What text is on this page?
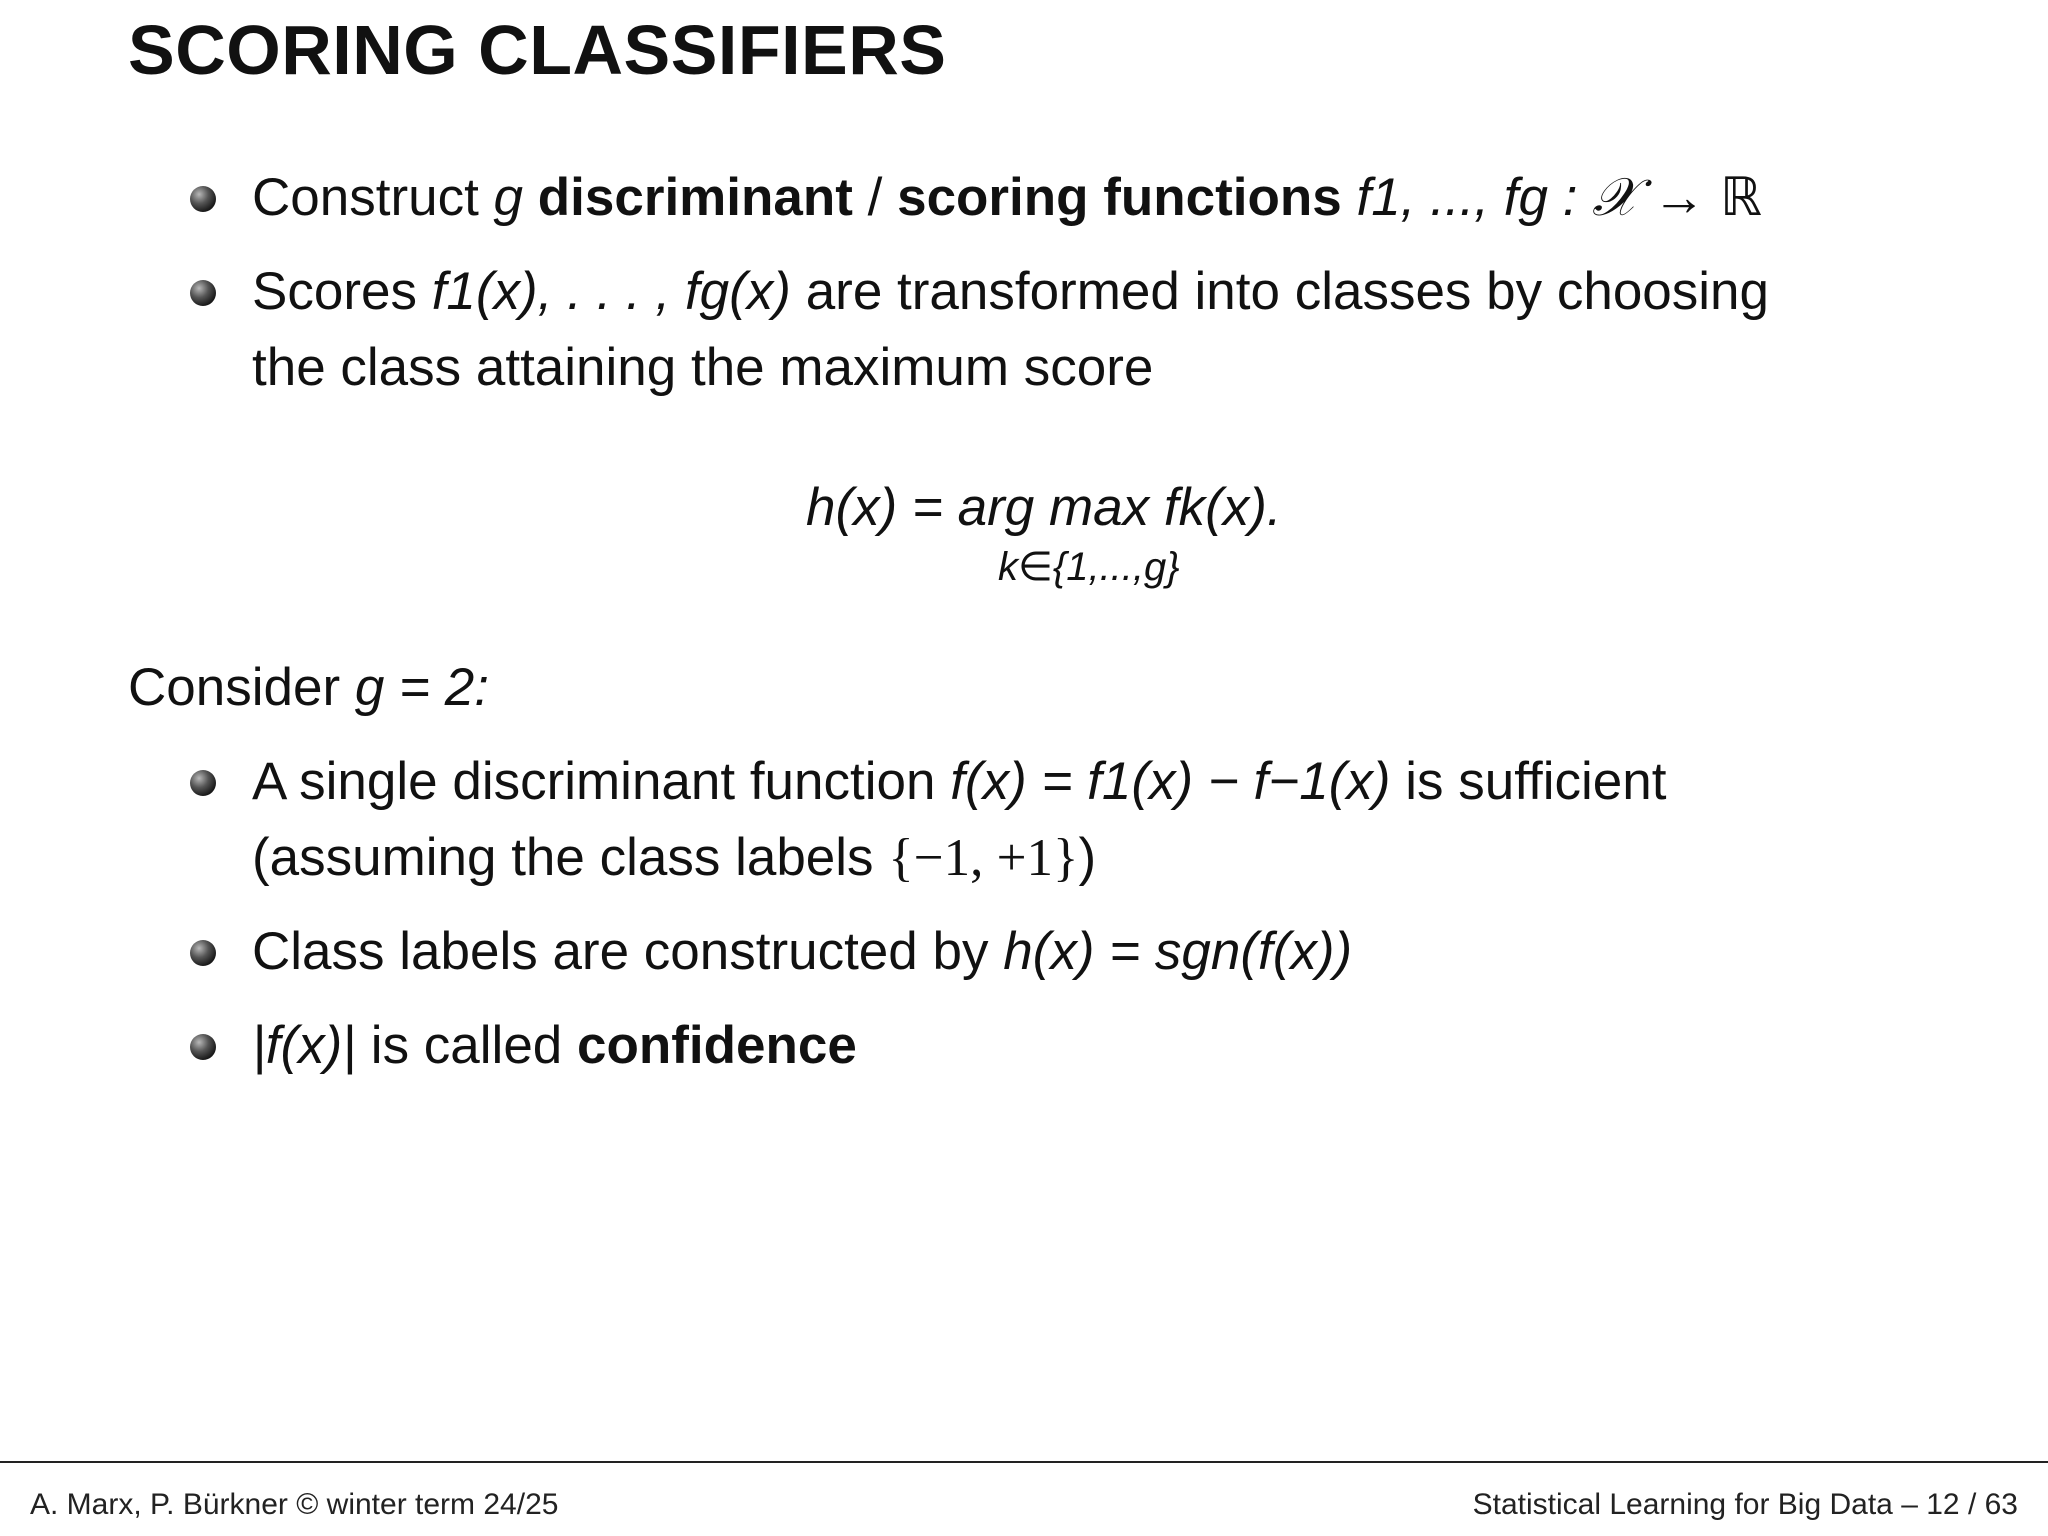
SCORING CLASSIFIERS
Construct g discriminant / scoring functions f1, ..., fg : 𝒳 → ℝ
Scores f1(x), . . . , fg(x) are transformed into classes by choosing
the class attaining the maximum score
h(x) = arg max fk(x).
k∈{1,...,g}
Consider g = 2:
A single discriminant function f(x) = f1(x) − f−1(x) is sufficient
(assuming the class labels {−1, +1})
Class labels are constructed by h(x) = sgn(f(x))
|f(x)| is called confidence
A. Marx, P. Bürkner © winter term 24/25	Statistical Learning for Big Data – 12 / 63
